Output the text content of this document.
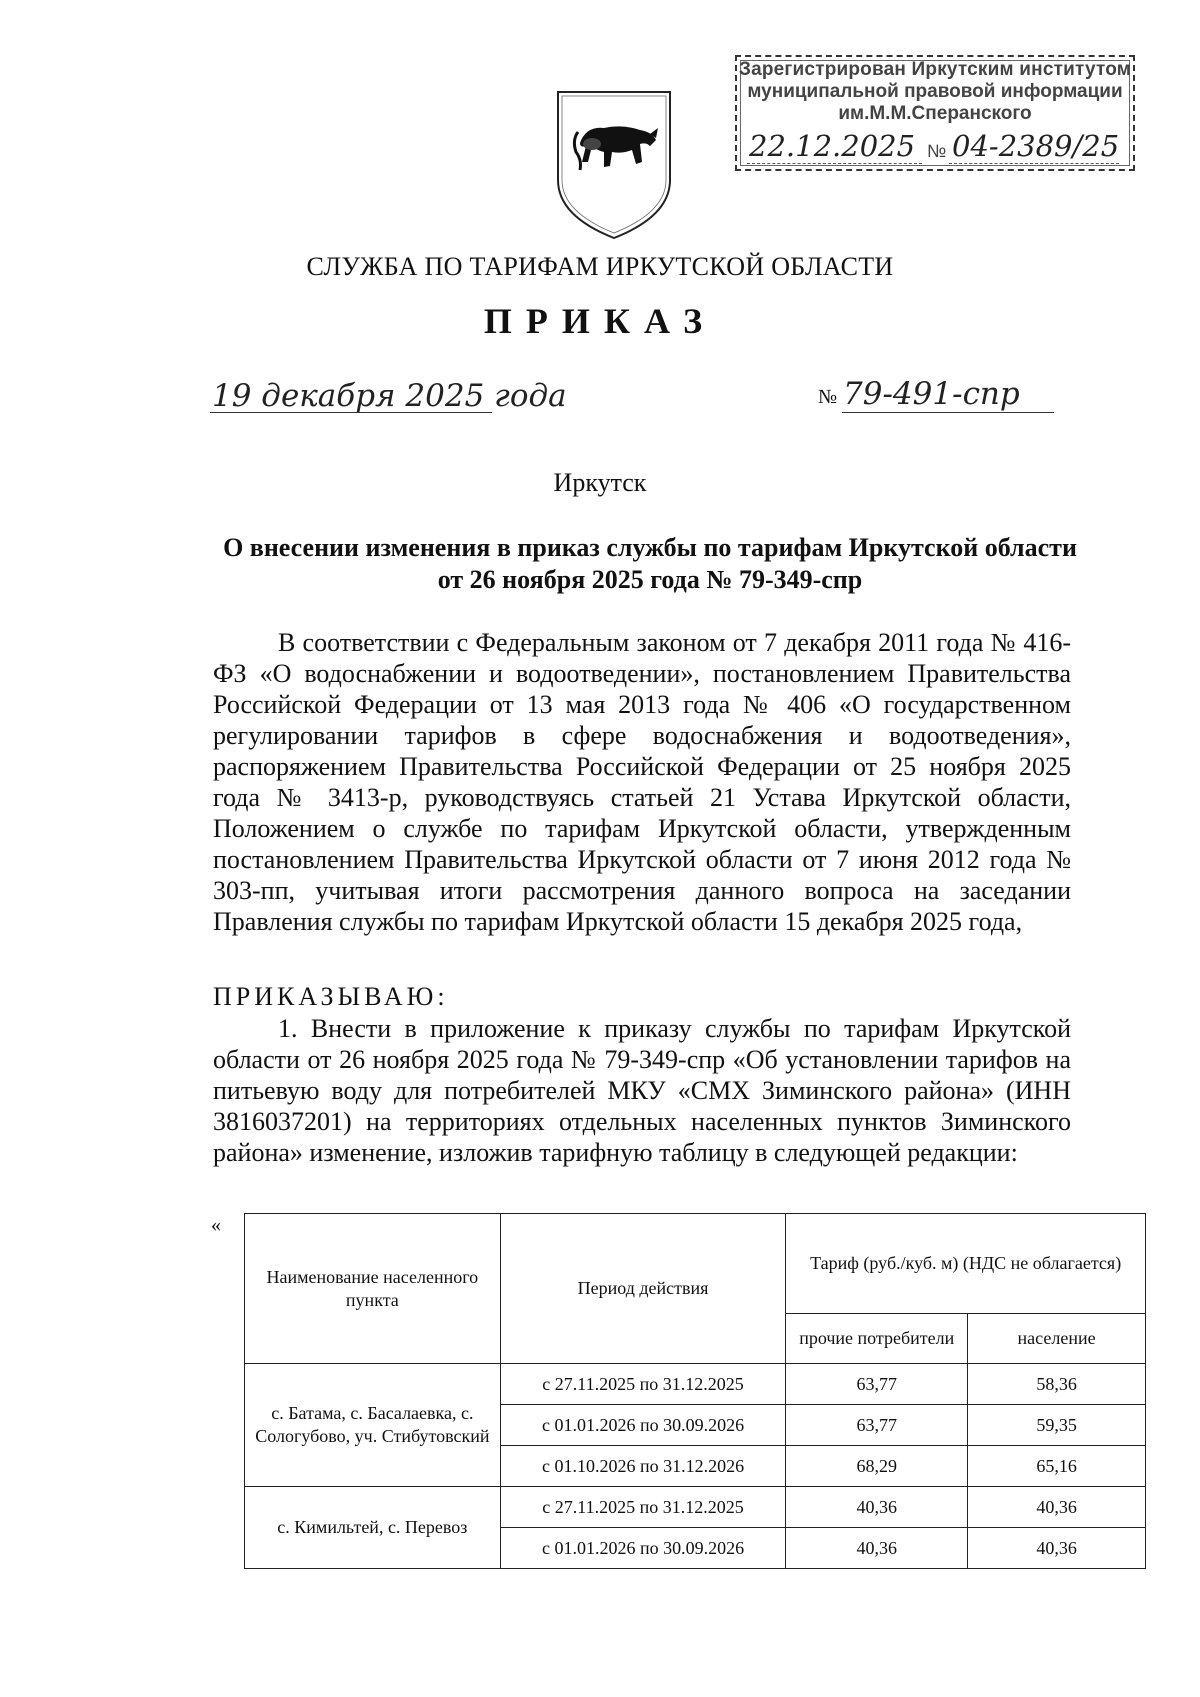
Зарегистрирован Иркутским институтом
муниципальной правовой информации
им.М.М.Сперанского
22.12.2025 № 04-2389/25
СЛУЖБА ПО ТАРИФАМ ИРКУТСКОЙ ОБЛАСТИ
ПРИКАЗ
19 декабря 2025 года	№ 79-491-спр
Иркутск
О внесении изменения в приказ службы по тарифам Иркутской области
от 26 ноября 2025 года № 79-349-спр
В соответствии с Федеральным законом от 7 декабря 2011 года № 416-ФЗ «О водоснабжении и водоотведении», постановлением Правительства Российской Федерации от 13 мая 2013 года № 406 «О государственном регулировании тарифов в сфере водоснабжения и водоотведения», распоряжением Правительства Российской Федерации от 25 ноября 2025 года № 3413-р, руководствуясь статьей 21 Устава Иркутской области, Положением о службе по тарифам Иркутской области, утвержденным постановлением Правительства Иркутской области от 7 июня 2012 года № 303-пп, учитывая итоги рассмотрения данного вопроса на заседании Правления службы по тарифам Иркутской области 15 декабря 2025 года,
ПРИКАЗЫВАЮ:
1. Внести в приложение к приказу службы по тарифам Иркутской области от 26 ноября 2025 года № 79-349-спр «Об установлении тарифов на питьевую воду для потребителей МКУ «СМХ Зиминского района» (ИНН 3816037201) на территориях отдельных населенных пунктов Зиминского района» изменение, изложив тарифную таблицу в следующей редакции:
«
Наименование населенного пункта	Период действия	Тариф (руб./куб. м) (НДС не облагается)	
		прочие потребители	население
с. Батама, с. Басалаевка, с. Сологубово, уч. Стибутовский	с 27.11.2025 по 31.12.2025	63,77	58,36
	с 01.01.2026 по 30.09.2026	63,77	59,35
	с 01.10.2026 по 31.12.2026	68,29	65,16
с. Кимильтей, с. Перевоз	с 27.11.2025 по 31.12.2025	40,36	40,36
	с 01.01.2026 по 30.09.2026	40,36	40,36
